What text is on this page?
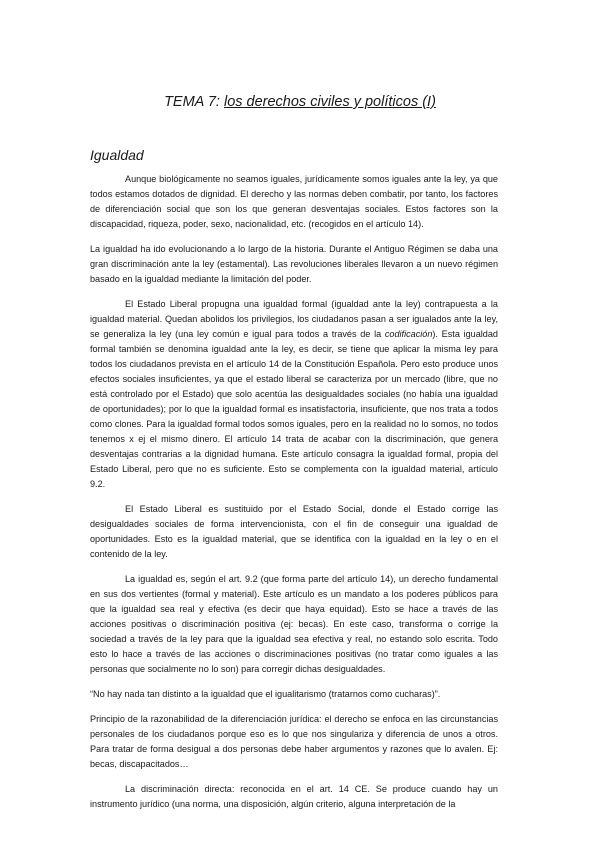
TEMA 7: los derechos civiles y políticos (I)
Igualdad

Aunque biológicamente no seamos iguales, jurídicamente somos iguales ante la ley, ya que todos estamos dotados de dignidad. El derecho y las normas deben combatir, por tanto, los factores de diferenciación social que son los que generan desventajas sociales. Estos factores son la discapacidad, riqueza, poder, sexo, nacionalidad, etc. (recogidos en el artículo 14).

La igualdad ha ido evolucionando a lo largo de la historia. Durante el Antiguo Régimen se daba una gran discriminación ante la ley (estamental). Las revoluciones liberales llevaron a un nuevo régimen basado en la igualdad mediante la limitación del poder.

El Estado Liberal propugna una igualdad formal (igualdad ante la ley) contrapuesta a la igualdad material. Quedan abolidos los privilegios, los ciudadanos pasan a ser igualados ante la ley, se generaliza la ley (una ley común e igual para todos a través de la codificación). Esta igualdad formal también se denomina igualdad ante la ley, es decir, se tiene que aplicar la misma ley para todos los ciudadanos prevista en el artículo 14 de la Constitución Española. Pero esto produce unos efectos sociales insuficientes, ya que el estado liberal se caracteriza por un mercado (libre, que no está controlado por el Estado) que solo acentúa las desigualdades sociales (no había una igualdad de oportunidades); por lo que la igualdad formal es insatisfactoria, insuficiente, que nos trata a todos como clones. Para la igualdad formal todos somos iguales, pero en la realidad no lo somos, no todos tenemos x ej el mismo dinero. El artículo 14 trata de acabar con la discriminación, que genera desventajas contrarias a la dignidad humana. Este artículo consagra la igualdad formal, propia del Estado Liberal, pero que no es suficiente. Esto se complementa con la igualdad material, artículo 9.2.

El Estado Liberal es sustituido por el Estado Social, donde el Estado corrige las desigualdades sociales de forma intervencionista, con el fin de conseguir una igualdad de oportunidades. Esto es la igualdad material, que se identifica con la igualdad en la ley o en el contenido de la ley.

La igualdad es, según el art. 9.2 (que forma parte del artículo 14), un derecho fundamental en sus dos vertientes (formal y material). Este artículo es un mandato a los poderes públicos para que la igualdad sea real y efectiva (es decir que haya equidad). Esto se hace a través de las acciones positivas o discriminación positiva (ej: becas). En este caso, transforma o corrige la sociedad a través de la ley para que la igualdad sea efectiva y real, no estando solo escrita. Todo esto lo hace a través de las acciones o discriminaciones positivas (no tratar como iguales a las personas que socialmente no lo son) para corregir dichas desigualdades.

“No hay nada tan distinto a la igualdad que el igualitarismo (tratarnos como cucharas)”.

Principio de la razonabilidad de la diferenciación jurídica: el derecho se enfoca en las circunstancias personales de los ciudadanos porque eso es lo que nos singulariza y diferencia de unos a otros. Para tratar de forma desigual a dos personas debe haber argumentos y razones que lo avalen. Ej: becas, discapacitados…

La discriminación directa: reconocida en el art. 14 CE. Se produce cuando hay un instrumento jurídico (una norma, una disposición, algún criterio, alguna interpretación de la
